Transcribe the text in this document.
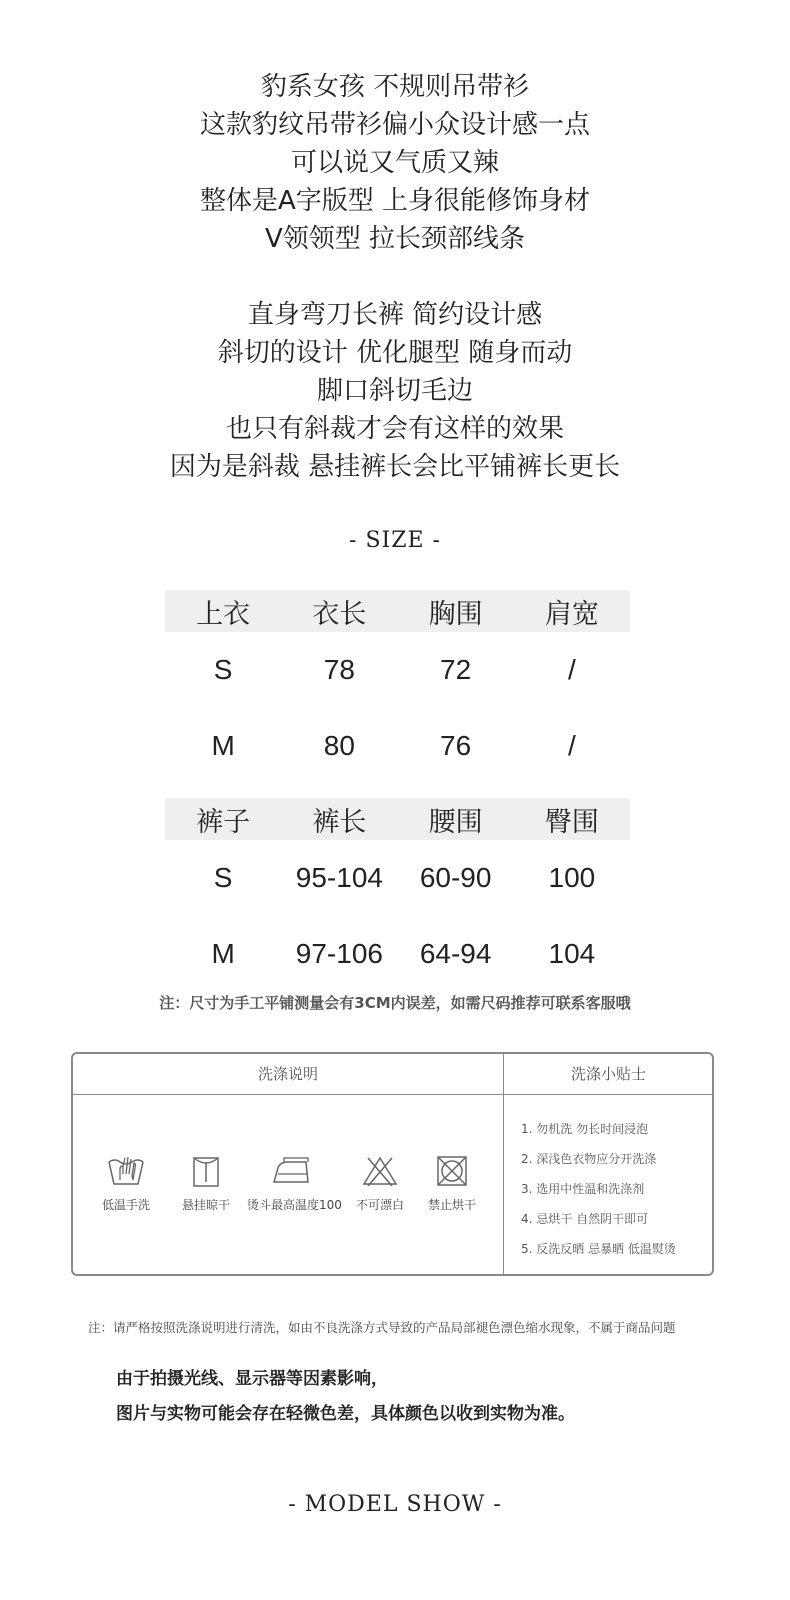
豹系女孩 不规则吊带衫
这款豹纹吊带衫偏小众设计感一点
可以说又气质又辣
整体是A字版型 上身很能修饰身材
V领领型 拉长颈部线条
直身弯刀长裤 简约设计感
斜切的设计 优化腿型 随身而动
脚口斜切毛边
也只有斜裁才会有这样的效果
因为是斜裁 悬挂裤长会比平铺裤长更长
- SIZE -
上衣	衣长	胸围	肩宽
S	78	72	/
M	80	76	/
裤子	裤长	腰围	臀围
S	95-104	60-90	100
M	97-106	64-94	104
注：尺寸为手工平铺测量会有3CM内误差，如需尺码推荐可联系客服哦
洗涤说明	洗涤小贴士
低温手洗	悬挂晾干	烫斗最高温度100	不可漂白	禁止烘干
1. 勿机洗 勿长时间浸泡
2. 深浅色衣物应分开洗涤
3. 选用中性温和洗涤剂
4. 忌烘干 自然阴干即可
5. 反洗反晒 忌暴晒 低温熨烫
注：请严格按照洗涤说明进行清洗，如由不良洗涤方式导致的产品局部褪色漂色缩水现象，不属于商品问题
由于拍摄光线、显示器等因素影响，
图片与实物可能会存在轻微色差，具体颜色以收到实物为准。
- MODEL SHOW -
